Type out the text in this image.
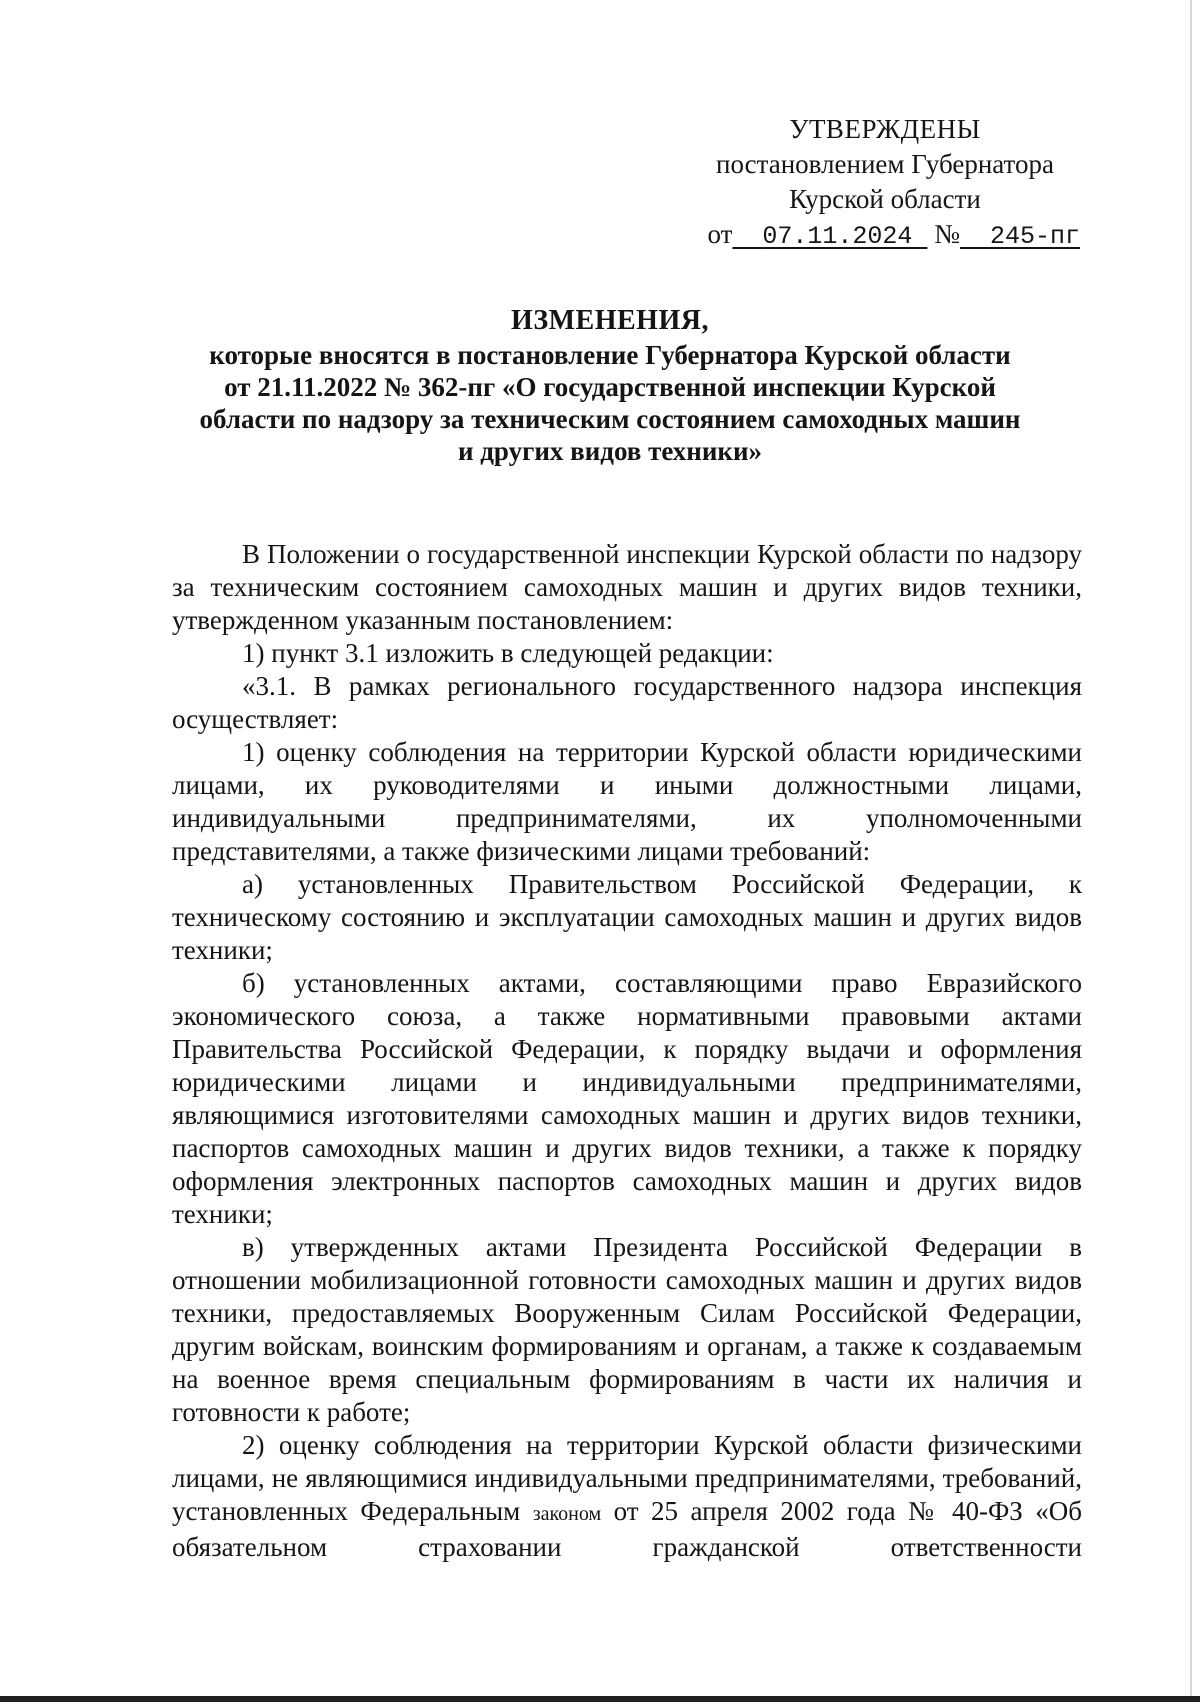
УТВЕРЖДЕНЫ
постановлением Губернатора
Курской области
от 07.11.2024 № 245-пг
ИЗМЕНЕНИЯ,
которые вносятся в постановление Губернатора Курской области
от 21.11.2022 № 362-пг «О государственной инспекции Курской
области по надзору за техническим состоянием самоходных машин
и других видов техники»

В Положении о государственной инспекции Курской области по надзору за техническим состоянием самоходных машин и других видов техники, утвержденном указанным постановлением:

1) пункт 3.1 изложить в следующей редакции:

«3.1. В рамках регионального государственного надзора инспекция осуществляет:

1) оценку соблюдения на территории Курской области юридическими лицами, их руководителями и иными должностными лицами, индивидуальными предпринимателями, их уполномоченными представителями, а также физическими лицами требований:

а) установленных Правительством Российской Федерации, к техническому состоянию и эксплуатации самоходных машин и других видов техники;

б) установленных актами, составляющими право Евразийского экономического союза, а также нормативными правовыми актами Правительства Российской Федерации, к порядку выдачи и оформления юридическими лицами и индивидуальными предпринимателями, являющимися изготовителями самоходных машин и других видов техники, паспортов самоходных машин и других видов техники, а также к порядку оформления электронных паспортов самоходных машин и других видов техники;

в) утвержденных актами Президента Российской Федерации в отношении мобилизационной готовности самоходных машин и других видов техники, предоставляемых Вооруженным Силам Российской Федерации, другим войскам, воинским формированиям и органам, а также к создаваемым на военное время специальным формированиям в части их наличия и готовности к работе;

2) оценку соблюдения на территории Курской области физическими лицами, не являющимися индивидуальными предпринимателями, требований, установленных Федеральным законом от 25 апреля 2002 года № 40-ФЗ «Об обязательном страховании гражданской ответственности
